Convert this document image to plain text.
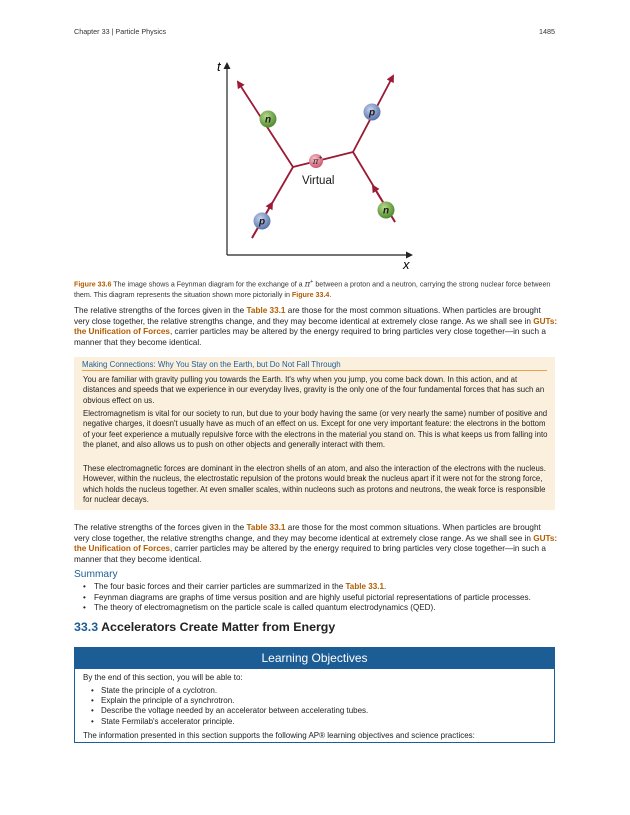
Chapter 33 | Particle Physics	1485
t
x
n
p
π +
Virtual
p
n
Figure 33.6 The image shows a Feynman diagram for the exchange of a π+ between a proton and a neutron, carrying the strong nuclear force between them. This diagram represents the situation shown more pictorially in Figure 33.4.

The relative strengths of the forces given in the Table 33.1 are those for the most common situations. When particles are brought very close together, the relative strengths change, and they may become identical at extremely close range. As we shall see in GUTs: the Unification of Forces, carrier particles may be altered by the energy required to bring particles very close together—in such a manner that they become identical.

Making Connections: Why You Stay on the Earth, but Do Not Fall Through

You are familiar with gravity pulling you towards the Earth. It's why when you jump, you come back down. In this action, and at distances and speeds that we experience in our everyday lives, gravity is the only one of the four fundamental forces that has such an obvious effect on us.

Electromagnetism is vital for our society to run, but due to your body having the same (or very nearly the same) number of positive and negative charges, it doesn't usually have as much of an effect on us. Except for one very important feature: the electrons in the bottom of your feet experience a mutually repulsive force with the electrons in the material you stand on. This is what keeps us from falling into the planet, and also allows us to push on other objects and generally interact with them.

These electromagnetic forces are dominant in the electron shells of an atom, and also the interaction of the electrons with the nucleus. However, within the nucleus, the electrostatic repulsion of the protons would break the nucleus apart if it were not for the strong force, which holds the nucleus together. At even smaller scales, within nucleons such as protons and neutrons, the weak force is responsible for nuclear decays.

The relative strengths of the forces given in the Table 33.1 are those for the most common situations. When particles are brought very close together, the relative strengths change, and they may become identical at extremely close range. As we shall see in GUTs: the Unification of Forces, carrier particles may be altered by the energy required to bring particles very close together—in such a manner that they become identical.

Summary
• The four basic forces and their carrier particles are summarized in the Table 33.1.
• Feynman diagrams are graphs of time versus position and are highly useful pictorial representations of particle processes.
• The theory of electromagnetism on the particle scale is called quantum electrodynamics (QED).
33.3 Accelerators Create Matter from Energy
Learning Objectives
By the end of this section, you will be able to:
• State the principle of a cyclotron.
• Explain the principle of a synchrotron.
• Describe the voltage needed by an accelerator between accelerating tubes.
• State Fermilab's accelerator principle.
The information presented in this section supports the following AP® learning objectives and science practices:
